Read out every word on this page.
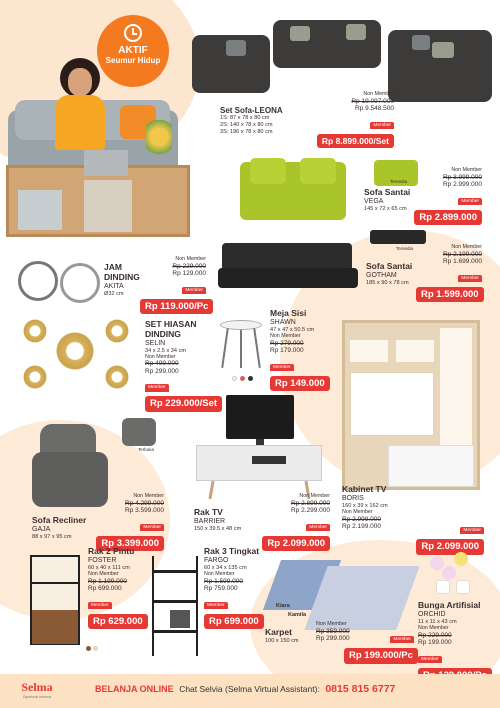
AKTIF
Seumur Hidup
Set Sofa-LEONA
1S: 87 x 78 x 80 cm
2S: 140 x 78 x 80 cm
3S: 196 x 78 x 80 cm
Non Member
Rp 19.097.000
Rp 9.548.500
Member
Rp 8.899.000/Set
Tersedia
Sofa Santai
VEGA
145 x 72 x 65 cm
Non Member
Rp 3.999.000
Rp 2.999.000
Member
Rp 2.899.000
JAM
DINDING
AKITA
Ø32 cm
Non Member
Rp 229.000
Rp 129.000
Member
Rp 119.000/Pc
Tersedia
Sofa Santai
GOTHAM
185 x 90 x 78 cm
Non Member
Rp 2.199.000
Rp 1.699.000
Member
Rp 1.599.000
SET HIASAN
DINDING
SELIN
34 x 2.5 x 34 cm
Non Member
Rp 499.000
Rp 299.000
Member
Rp 229.000/Set
Meja Sisi
SHAWN
47 x 47 x 50.5 cm
Non Member
Rp 279.000
Rp 179.000
Member
Rp 149.000
Terbuka
Sofa Recliner
GAJA
88 x 97 x 95 cm
Non Member
Rp 4.299.000
Rp 3.599.000
Member
Rp 3.399.000
Rak TV
BARRIER
150 x 39.5 x 48 cm
Non Member
Rp 2.899.000
Rp 2.299.000
Member
Rp 2.099.000
Kabinet TV
BORIS
160 x 39 x 162 cm
Non Member
Rp 2.999.000
Rp 2.199.000
Member
Rp 2.099.000
Rak 2 Pintu
FOSTER
60 x 40 x 111 cm
Non Member
Rp 1.199.000
Rp 699.000
Member
Rp 629.000
Rak 3 Tingkat
FARGO
60 x 34 x 135 cm
Non Member
Rp 1.599.000
Rp 759.000
Member
Rp 699.000
Kiara
Kamila
Karpet
100 x 150 cm
Non Member
Rp 359.000
Rp 299.000	Member
Rp 199.000/Pc
Bunga Artifisial
ORCHID
11 x 11 x 43 cm
Non Member
Rp 229.000
Rp 199.000
Member
Selma
Diperkuat informa
BELANJA ONLINE Chat Selvia (Selma Virtual Assistant): 0815 815 6777
